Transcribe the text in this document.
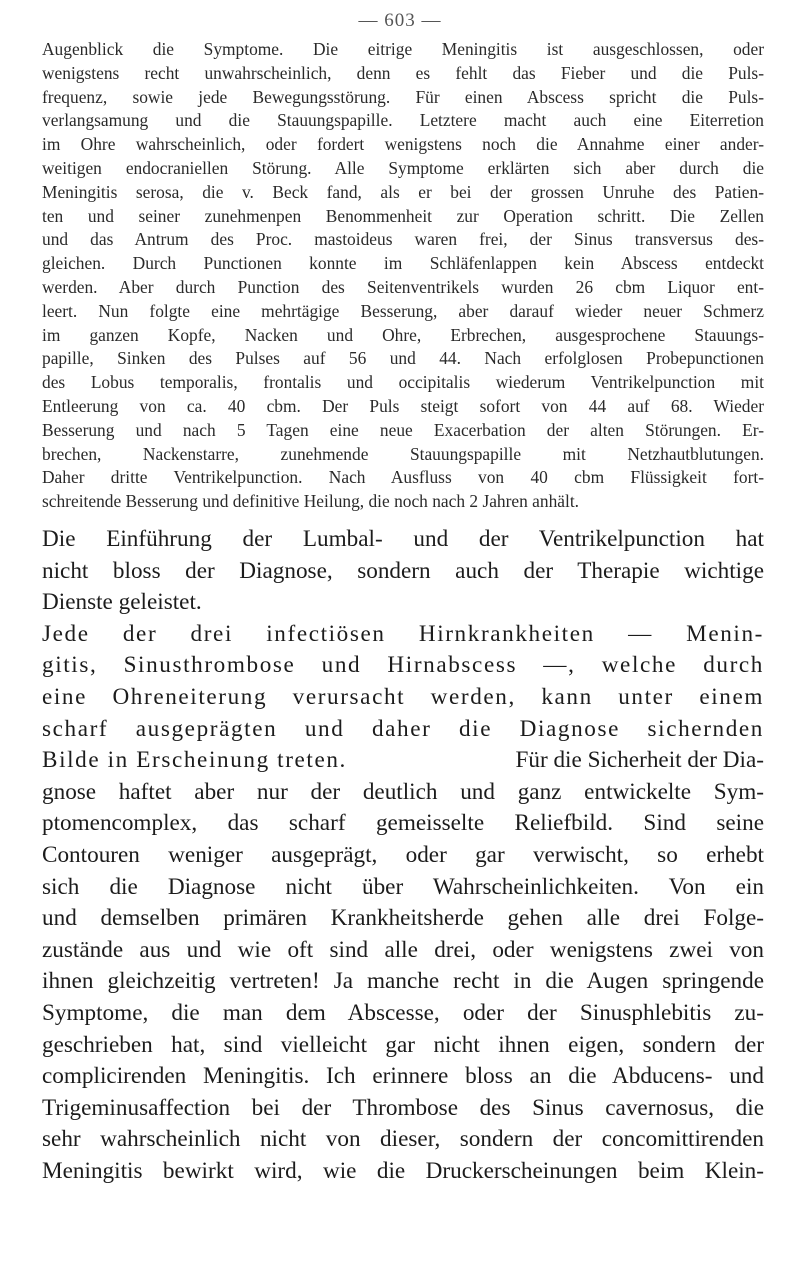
— 603 —
Augenblick die Symptome. Die eitrige Meningitis ist ausgeschlossen, oder
wenigstens recht unwahrscheinlich, denn es fehlt das Fieber und die Puls-
frequenz, sowie jede Bewegungsstörung. Für einen Abscess spricht die Puls-
verlangsamung und die Stauungspapille. Letztere macht auch eine Eiterretion
im Ohre wahrscheinlich, oder fordert wenigstens noch die Annahme einer ander-
weitigen endocraniellen Störung. Alle Symptome erklärten sich aber durch die
Meningitis serosa, die v. Beck fand, als er bei der grossen Unruhe des Patien-
ten und seiner zunehmenpen Benommenheit zur Operation schritt. Die Zellen
und das Antrum des Proc. mastoideus waren frei, der Sinus transversus des-
gleichen. Durch Punctionen konnte im Schläfenlappen kein Abscess entdeckt
werden. Aber durch Punction des Seitenventrikels wurden 26 cbm Liquor ent-
leert. Nun folgte eine mehrtägige Besserung, aber darauf wieder neuer Schmerz
im ganzen Kopfe, Nacken und Ohre, Erbrechen, ausgesprochene Stauungs-
papille, Sinken des Pulses auf 56 und 44. Nach erfolglosen Probepunctionen
des Lobus temporalis, frontalis und occipitalis wiederum Ventrikelpunction mit
Entleerung von ca. 40 cbm. Der Puls steigt sofort von 44 auf 68. Wieder
Besserung und nach 5 Tagen eine neue Exacerbation der alten Störungen. Er-
brechen, Nackenstarre, zunehmende Stauungspapille mit Netzhautblutungen.
Daher dritte Ventrikelpunction. Nach Ausfluss von 40 cbm Flüssigkeit fort-
schreitende Besserung und definitive Heilung, die noch nach 2 Jahren anhält.
Die Einführung der Lumbal- und der Ventrikelpunction hat
nicht bloss der Diagnose, sondern auch der Therapie wichtige
Dienste geleistet.
Jede der drei infectiösen Hirnkrankheiten — Menin-
gitis, Sinusthrombose und Hirnabscess —, welche durch
eine Ohreneiterung verursacht werden, kann unter einem
scharf ausgeprägten und daher die Diagnose sichernden
Bilde in Erscheinung treten.	Für die Sicherheit der Dia-
gnose haftet aber nur der deutlich und ganz entwickelte Sym-
ptomencomplex, das scharf gemeisselte Reliefbild. Sind seine
Contouren weniger ausgeprägt, oder gar verwischt, so erhebt
sich die Diagnose nicht über Wahrscheinlichkeiten. Von ein
und demselben primären Krankheitsherde gehen alle drei Folge-
zustände aus und wie oft sind alle drei, oder wenigstens zwei von
ihnen gleichzeitig vertreten! Ja manche recht in die Augen springende
Symptome, die man dem Abscesse, oder der Sinusphlebitis zu-
geschrieben hat, sind vielleicht gar nicht ihnen eigen, sondern der
complicirenden Meningitis. Ich erinnere bloss an die Abducens- und
Trigeminusaffection bei der Thrombose des Sinus cavernosus, die
sehr wahrscheinlich nicht von dieser, sondern der concomittirenden
Meningitis bewirkt wird, wie die Druckerscheinungen beim Klein-
